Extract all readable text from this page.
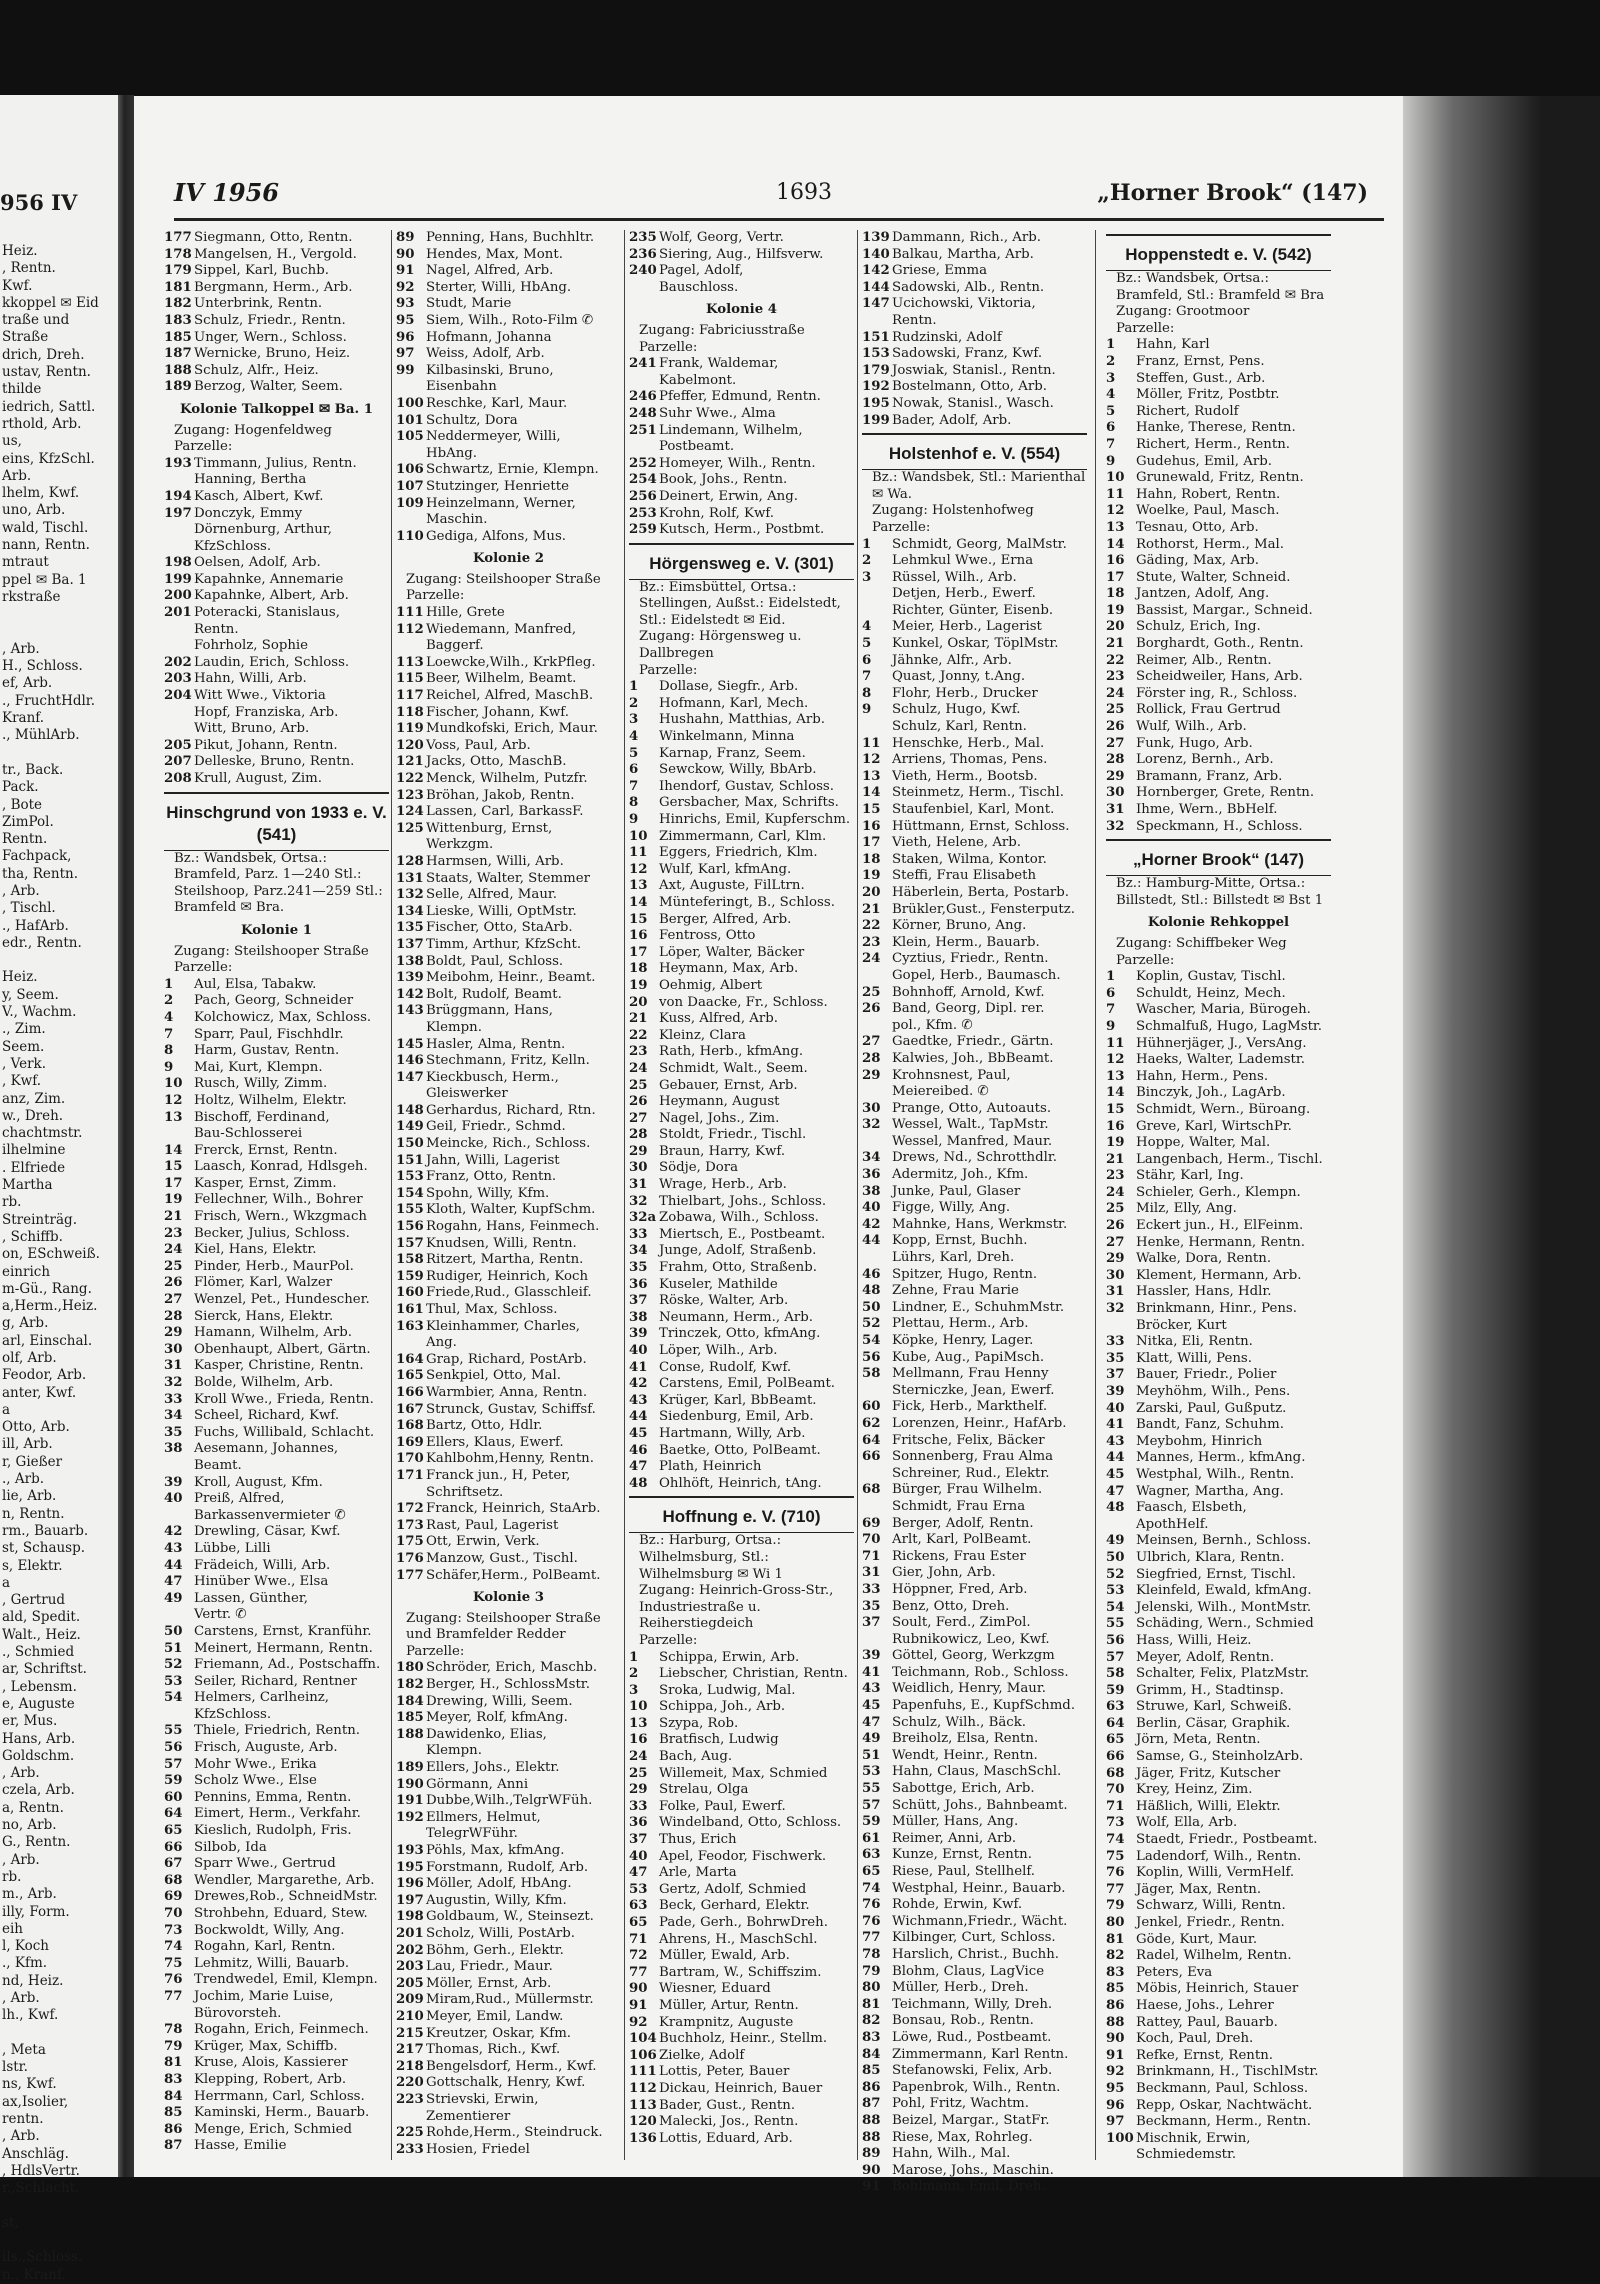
956 IV
Heiz.
, Rentn.
Kwf.
kkoppel ✉ Eid
traße und
Straße
drich, Dreh.
ustav, Rentn.
thilde
iedrich, Sattl.
rthold, Arb.
us,
eins, KfzSchl.
Arb.
lhelm, Kwf.
uno, Arb.
wald, Tischl.
nann, Rentn.
mtraut
ppel ✉ Ba. 1
rkstraße

, Arb.
H., Schloss.
ef, Arb.
., FruchtHdlr.
Kranf.
., MühlArb.

tr., Back.
Pack.
, Bote
ZimPol.
Rentn.
Fachpack,
tha, Rentn.
, Arb.
, Tischl.
., HafArb.
edr., Rentn.

Heiz.
y, Seem.
V., Wachm.
., Zim.
Seem.
, Verk.
, Kwf.
anz, Zim.
w., Dreh.
chachtmstr.
ilhelmine
. Elfriede
Martha
rb.
Streinträg.
, Schiffb.
on, ESchweiß.
einrich
m-Gü., Rang.
a,Herm.,Heiz.
g, Arb.
arl, Einschal.
olf, Arb.
Feodor, Arb.
anter, Kwf.
a
Otto, Arb.
ill, Arb.
r, Gießer
., Arb.
lie, Arb.
n, Rentn.
rm., Bauarb.
st, Schausp.
s, Elektr.
a
, Gertrud
ald, Spedit.
Walt., Heiz.
., Schmied
ar, Schriftst.
, Lebensm.
e, Auguste
er, Mus.
Hans, Arb.
Goldschm.
, Arb.
czela, Arb.
a, Rentn.
no, Arb.
G., Rentn.
, Arb.
rb.
m., Arb.
illy, Form.
eih
l, Koch
., Kfm.
nd, Heiz.
, Arb.
lh., Kwf.

, Meta
lstr.
ns, Kwf.
ax,Isolier,
rentn.
, Arb.
Anschläg.
, HdlsVertr.
r.,Schlacht.

st,

ils.,Schloss.
n., Kranf.
IV 1956	1693	„Horner Brook“ (147)
177 Siegmann, Otto, Rentn.
178 Mangelsen, H., Vergold.
179 Sippel, Karl, Buchb.
181 Bergmann, Herm., Arb.
182 Unterbrink, Rentn.
183 Schulz, Friedr., Rentn.
185 Unger, Wern., Schloss.
187 Wernicke, Bruno, Heiz.
188 Schulz, Alfr., Heiz.
189 Berzog, Walter, Seem.
Kolonie Talkoppel ✉ Ba. 1
Zugang: Hogenfeldweg
Parzelle:
193 Timmann, Julius, Rentn.
Hanning, Bertha
194 Kasch, Albert, Kwf.
197 Donczyk, Emmy
Dörnenburg, Arthur,
KfzSchloss.
198 Oelsen, Adolf, Arb.
199 Kapahnke, Annemarie
200 Kapahnke, Albert, Arb.
201 Poteracki, Stanislaus,
Rentn.
Fohrholz, Sophie
202 Laudin, Erich, Schloss.
203 Hahn, Willi, Arb.
204 Witt Wwe., Viktoria
Hopf, Franziska, Arb.
Witt, Bruno, Arb.
205 Pikut, Johann, Rentn.
207 Delleske, Bruno, Rentn.
208 Krull, August, Zim.
Hinschgrund von 1933 e. V. (541)
Bz.: Wandsbek, Ortsa.: Bramfeld, Parz. 1—240 Stl.: Steilshoop, Parz.241—259 Stl.: Bramfeld ✉ Bra.
Kolonie 1
Zugang: Steilshooper Straße
Parzelle:
1 Aul, Elsa, Tabakw.
2 Pach, Georg, Schneider
4 Kolchowicz, Max, Schloss.
7 Sparr, Paul, Fischhdlr.
8 Harm, Gustav, Rentn.
9 Mai, Kurt, Klempn.
10 Rusch, Willy, Zimm.
12 Holtz, Wilhelm, Elektr.
13 Bischoff, Ferdinand,
Bau-Schlosserei
14 Frerck, Ernst, Rentn.
15 Laasch, Konrad, Hdlsgeh.
17 Kasper, Ernst, Zimm.
19 Fellechner, Wilh., Bohrer
21 Frisch, Wern., Wkzgmach
23 Becker, Julius, Schloss.
24 Kiel, Hans, Elektr.
25 Pinder, Herb., MaurPol.
26 Flömer, Karl, Walzer
27 Wenzel, Pet., Hundescher.
28 Sierck, Hans, Elektr.
29 Hamann, Wilhelm, Arb.
30 Obenhaupt, Albert, Gärtn.
31 Kasper, Christine, Rentn.
32 Bolde, Wilhelm, Arb.
33 Kroll Wwe., Frieda, Rentn.
34 Scheel, Richard, Kwf.
35 Fuchs, Willibald, Schlacht.
38 Aesemann, Johannes,
Beamt.
39 Kroll, August, Kfm.
40 Preiß, Alfred,
Barkassenvermieter ✆
42 Drewling, Cäsar, Kwf.
43 Lübbe, Lilli
44 Frädeich, Willi, Arb.
47 Hinüber Wwe., Elsa
49 Lassen, Günther,
Vertr. ✆
50 Carstens, Ernst, Kranführ.
51 Meinert, Hermann, Rentn.
52 Friemann, Ad., Postschaffn.
53 Seiler, Richard, Rentner
54 Helmers, Carlheinz,
KfzSchloss.
55 Thiele, Friedrich, Rentn.
56 Frisch, Auguste, Arb.
57 Mohr Wwe., Erika
59 Scholz Wwe., Else
60 Pennins, Emma, Rentn.
64 Eimert, Herm., Verkfahr.
65 Kieslich, Rudolph, Fris.
66 Silbob, Ida
67 Sparr Wwe., Gertrud
68 Wendler, Margarethe, Arb.
69 Drewes,Rob., SchneidMstr.
70 Strohbehn, Eduard, Stew.
73 Bockwoldt, Willy, Ang.
74 Rogahn, Karl, Rentn.
75 Lehmitz, Willi, Bauarb.
76 Trendwedel, Emil, Klempn.
77 Jochim, Marie Luise,
Bürovorsteh.
78 Rogahn, Erich, Feinmech.
79 Krüger, Max, Schiffb.
81 Kruse, Alois, Kassierer
83 Klepping, Robert, Arb.
84 Herrmann, Carl, Schloss.
85 Kaminski, Herm., Bauarb.
86 Menge, Erich, Schmied
87 Hasse, Emilie
89 Penning, Hans, Buchhltr.
90 Hendes, Max, Mont.
91 Nagel, Alfred, Arb.
92 Sterter, Willi, HbAng.
93 Studt, Marie
95 Siem, Wilh., Roto-Film ✆
96 Hofmann, Johanna
97 Weiss, Adolf, Arb.
99 Kilbasinski, Bruno,
Eisenbahn
100 Reschke, Karl, Maur.
101 Schultz, Dora
105 Neddermeyer, Willi,
HbAng.
106 Schwartz, Ernie, Klempn.
107 Stutzinger, Henriette
109 Heinzelmann, Werner,
Maschin.
110 Gediga, Alfons, Mus.
Kolonie 2
Zugang: Steilshooper Straße
Parzelle:
111 Hille, Grete
112 Wiedemann, Manfred,
Baggerf.
113 Loewcke,Wilh., KrkPfleg.
115 Beer, Wilhelm, Beamt.
117 Reichel, Alfred, MaschB.
118 Fischer, Johann, Kwf.
119 Mundkofski, Erich, Maur.
120 Voss, Paul, Arb.
121 Jacks, Otto, MaschB.
122 Menck, Wilhelm, Putzfr.
123 Bröhan, Jakob, Rentn.
124 Lassen, Carl, BarkassF.
125 Wittenburg, Ernst,
Werkzgm.
128 Harmsen, Willi, Arb.
131 Staats, Walter, Stemmer
132 Selle, Alfred, Maur.
134 Lieske, Willi, OptMstr.
135 Fischer, Otto, StaArb.
137 Timm, Arthur, KfzScht.
138 Boldt, Paul, Schloss.
139 Meibohm, Heinr., Beamt.
142 Bolt, Rudolf, Beamt.
143 Brüggmann, Hans,
Klempn.
145 Hasler, Alma, Rentn.
146 Stechmann, Fritz, Kelln.
147 Kieckbusch, Herm.,
Gleiswerker
148 Gerhardus, Richard, Rtn.
149 Geil, Friedr., Schmd.
150 Meincke, Rich., Schloss.
151 Jahn, Willi, Lagerist
153 Franz, Otto, Rentn.
154 Spohn, Willy, Kfm.
155 Kloth, Walter, KupfSchm.
156 Rogahn, Hans, Feinmech.
157 Knudsen, Willi, Rentn.
158 Ritzert, Martha, Rentn.
159 Rudiger, Heinrich, Koch
160 Friede,Rud., Glasschleif.
161 Thul, Max, Schloss.
163 Kleinhammer, Charles,
Ang.
164 Grap, Richard, PostArb.
165 Senkpiel, Otto, Mal.
166 Warmbier, Anna, Rentn.
167 Strunck, Gustav, Schiffsf.
168 Bartz, Otto, Hdlr.
169 Ellers, Klaus, Ewerf.
170 Kahlbohm,Henny, Rentn.
171 Franck jun., H, Peter,
Schriftsetz.
172 Franck, Heinrich, StaArb.
173 Rast, Paul, Lagerist
175 Ott, Erwin, Verk.
176 Manzow, Gust., Tischl.
177 Schäfer,Herm., PolBeamt.
Kolonie 3
Zugang: Steilshooper Straße und Bramfelder Redder
Parzelle:
180 Schröder, Erich, Maschb.
182 Berger, H., SchlossMstr.
184 Drewing, Willi, Seem.
185 Meyer, Rolf, kfmAng.
188 Dawidenko, Elias,
Klempn.
189 Ellers, Johs., Elektr.
190 Görmann, Anni
191 Dubbe,Wilh.,TelgrWFüh.
192 Ellmers, Helmut,
TelegrWFühr.
193 Pöhls, Max, kfmAng.
195 Forstmann, Rudolf, Arb.
196 Möller, Adolf, HbAng.
197 Augustin, Willy, Kfm.
198 Goldbaum, W., Steinsezt.
201 Scholz, Willi, PostArb.
202 Böhm, Gerh., Elektr.
203 Lau, Friedr., Maur.
205 Möller, Ernst, Arb.
209 Miram,Rud., Müllermstr.
210 Meyer, Emil, Landw.
215 Kreutzer, Oskar, Kfm.
217 Thomas, Rich., Kwf.
218 Bengelsdorf, Herm., Kwf.
220 Gottschalk, Henry, Kwf.
223 Strievski, Erwin,
Zementierer
225 Rohde,Herm., Steindruck.
233 Hosien, Friedel
235 Wolf, Georg, Vertr.
236 Siering, Aug., Hilfsverw.
240 Pagel, Adolf,
Bauschloss.
Kolonie 4
Zugang: Fabriciusstraße
Parzelle:
241 Frank, Waldemar,
Kabelmont.
246 Pfeffer, Edmund, Rentn.
248 Suhr Wwe., Alma
251 Lindemann, Wilhelm,
Postbeamt.
252 Homeyer, Wilh., Rentn.
254 Book, Johs., Rentn.
256 Deinert, Erwin, Ang.
253 Krohn, Rolf, Kwf.
259 Kutsch, Herm., Postbmt.
Hörgensweg e. V. (301)
Bz.: Eimsbüttel, Ortsa.: Stellingen, Außst.: Eidelstedt, Stl.: Eidelstedt ✉ Eid.
Zugang: Hörgensweg u. Dallbregen
Parzelle:
1 Dollase, Siegfr., Arb.
2 Hofmann, Karl, Mech.
3 Hushahn, Matthias, Arb.
4 Winkelmann, Minna
5 Karnap, Franz, Seem.
6 Sewckow, Willy, BbArb.
7 Ihendorf, Gustav, Schloss.
8 Gersbacher, Max, Schrifts.
9 Hinrichs, Emil, Kupferschm.
10 Zimmermann, Carl, Klm.
11 Eggers, Friedrich, Klm.
12 Wulf, Karl, kfmAng.
13 Axt, Auguste, FilLtrn.
14 Münteferingt, B., Schloss.
15 Berger, Alfred, Arb.
16 Fentross, Otto
17 Löper, Walter, Bäcker
18 Heymann, Max, Arb.
19 Oehmig, Albert
20 von Daacke, Fr., Schloss.
21 Kuss, Alfred, Arb.
22 Kleinz, Clara
23 Rath, Herb., kfmAng.
24 Schmidt, Walt., Seem.
25 Gebauer, Ernst, Arb.
26 Heymann, August
27 Nagel, Johs., Zim.
28 Stoldt, Friedr., Tischl.
29 Braun, Harry, Kwf.
30 Södje, Dora
31 Wrage, Herb., Arb.
32 Thielbart, Johs., Schloss.
32a Zobawa, Wilh., Schloss.
33 Miertsch, E., Postbeamt.
34 Junge, Adolf, Straßenb.
35 Frahm, Otto, Straßenb.
36 Kuseler, Mathilde
37 Röske, Walter, Arb.
38 Neumann, Herm., Arb.
39 Trinczek, Otto, kfmAng.
40 Löper, Wilh., Arb.
41 Conse, Rudolf, Kwf.
42 Carstens, Emil, PolBeamt.
43 Krüger, Karl, BbBeamt.
44 Siedenburg, Emil, Arb.
45 Hartmann, Willy, Arb.
46 Baetke, Otto, PolBeamt.
47 Plath, Heinrich
48 Ohlhöft, Heinrich, tAng.
Hoffnung e. V. (710)
Bz.: Harburg, Ortsa.: Wilhelmsburg, Stl.: Wilhelmsburg ✉ Wi 1
Zugang: Heinrich-Gross-Str., Industriestraße u. Reiherstiegdeich
Parzelle:
1 Schippa, Erwin, Arb.
2 Liebscher, Christian, Rentn.
3 Sroka, Ludwig, Mal.
10 Schippa, Joh., Arb.
13 Szypa, Rob.
16 Bratfisch, Ludwig
24 Bach, Aug.
25 Willemeit, Max, Schmied
29 Strelau, Olga
33 Folke, Paul, Ewerf.
36 Windelband, Otto, Schloss.
37 Thus, Erich
40 Apel, Feodor, Fischwerk.
47 Arle, Marta
53 Gertz, Adolf, Schmied
63 Beck, Gerhard, Elektr.
65 Pade, Gerh., BohrwDreh.
71 Ahrens, H., MaschSchl.
72 Müller, Ewald, Arb.
77 Bartram, W., Schiffszim.
90 Wiesner, Eduard
91 Müller, Artur, Rentn.
92 Krampnitz, Auguste
104 Buchholz, Heinr., Stellm.
106 Zielke, Adolf
111 Lottis, Peter, Bauer
112 Dickau, Heinrich, Bauer
113 Bader, Gust., Rentn.
120 Malecki, Jos., Rentn.
136 Lottis, Eduard, Arb.
139 Dammann, Rich., Arb.
140 Balkau, Martha, Arb.
142 Griese, Emma
144 Sadowski, Alb., Rentn.
147 Ucichowski, Viktoria,
Rentn.
151 Rudzinski, Adolf
153 Sadowski, Franz, Kwf.
179 Joswiak, Stanisl., Rentn.
192 Bostelmann, Otto, Arb.
195 Nowak, Stanisl., Wasch.
199 Bader, Adolf, Arb.
Holstenhof e. V. (554)
Bz.: Wandsbek, Stl.: Marienthal ✉ Wa.
Zugang: Holstenhofweg
Parzelle:
1 Schmidt, Georg, MalMstr.
2 Lehmkul Wwe., Erna
3 Rüssel, Wilh., Arb.
Detjen, Herb., Ewerf.
Richter, Günter, Eisenb.
4 Meier, Herb., Lagerist
5 Kunkel, Oskar, TöplMstr.
6 Jähnke, Alfr., Arb.
7 Quast, Jonny, t.Ang.
8 Flohr, Herb., Drucker
9 Schulz, Hugo, Kwf.
Schulz, Karl, Rentn.
11 Henschke, Herb., Mal.
12 Arriens, Thomas, Pens.
13 Vieth, Herm., Bootsb.
14 Steinmetz, Herm., Tischl.
15 Staufenbiel, Karl, Mont.
16 Hüttmann, Ernst, Schloss.
17 Vieth, Helene, Arb.
18 Staken, Wilma, Kontor.
19 Steffi, Frau Elisabeth
20 Häberlein, Berta, Postarb.
21 Brükler,Gust., Fensterputz.
22 Körner, Bruno, Ang.
23 Klein, Herm., Bauarb.
24 Cyztius, Friedr., Rentn.
Gopel, Herb., Baumasch.
25 Bohnhoff, Arnold, Kwf.
26 Band, Georg, Dipl. rer.
pol., Kfm. ✆
27 Gaedtke, Friedr., Gärtn.
28 Kalwies, Joh., BbBeamt.
29 Krohnsnest, Paul,
Meiereibed. ✆
30 Prange, Otto, Autoauts.
32 Wessel, Walt., TapMstr.
Wessel, Manfred, Maur.
34 Drews, Nd., Schrotthdlr.
36 Adermitz, Joh., Kfm.
38 Junke, Paul, Glaser
40 Figge, Willy, Ang.
42 Mahnke, Hans, Werkmstr.
44 Kopp, Ernst, Buchh.
Lührs, Karl, Dreh.
46 Spitzer, Hugo, Rentn.
48 Zehne, Frau Marie
50 Lindner, E., SchuhmMstr.
52 Plettau, Herm., Arb.
54 Köpke, Henry, Lager.
56 Kube, Aug., PapiMsch.
58 Mellmann, Frau Henny
Sterniczke, Jean, Ewerf.
60 Fick, Herb., Markthelf.
62 Lorenzen, Heinr., HafArb.
64 Fritsche, Felix, Bäcker
66 Sonnenberg, Frau Alma
Schreiner, Rud., Elektr.
68 Bürger, Frau Wilhelm.
Schmidt, Frau Erna
69 Berger, Adolf, Rentn.
70 Arlt, Karl, PolBeamt.
71 Rickens, Frau Ester
31 Gier, John, Arb.
33 Höppner, Fred, Arb.
35 Benz, Otto, Dreh.
37 Soult, Ferd., ZimPol.
Rubnikowicz, Leo, Kwf.
39 Göttel, Georg, Werkzgm
41 Teichmann, Rob., Schloss.
43 Weidlich, Henry, Maur.
45 Papenfuhs, E., KupfSchmd.
47 Schulz, Wilh., Bäck.
49 Breiholz, Elsa, Rentn.
51 Wendt, Heinr., Rentn.
53 Hahn, Claus, MaschSchl.
55 Sabottge, Erich, Arb.
57 Schütt, Johs., Bahnbeamt.
59 Müller, Hans, Ang.
61 Reimer, Anni, Arb.
63 Kunze, Ernst, Rentn.
65 Riese, Paul, Stellhelf.
74 Westphal, Heinr., Bauarb.
76 Rohde, Erwin, Kwf.
76 Wichmann,Friedr., Wächt.
77 Kilbinger, Curt, Schloss.
78 Harslich, Christ., Buchh.
79 Blohm, Claus, LagVice
80 Müller, Herb., Dreh.
81 Teichmann, Willy, Dreh.
82 Bonsau, Rob., Rentn.
83 Löwe, Rud., Postbeamt.
84 Zimmermann, Karl Rentn.
85 Stefanowski, Felix, Arb.
86 Papenbrok, Wilh., Rentn.
87 Pohl, Fritz, Wachtm.
88 Beizel, Margar., StatFr.
88 Riese, Max, Rohrleg.
89 Hahn, Wilh., Mal.
90 Marose, Johs., Maschin.
91 Bohlmann, Emil, Dreh.
Hoppenstedt e. V. (542)
Bz.: Wandsbek, Ortsa.: Bramfeld, Stl.: Bramfeld ✉ Bra
Zugang: Grootmoor
Parzelle:
1 Hahn, Karl
2 Franz, Ernst, Pens.
3 Steffen, Gust., Arb.
4 Möller, Fritz, Postbtr.
5 Richert, Rudolf
6 Hanke, Therese, Rentn.
7 Richert, Herm., Rentn.
9 Gudehus, Emil, Arb.
10 Grunewald, Fritz, Rentn.
11 Hahn, Robert, Rentn.
12 Woelke, Paul, Masch.
13 Tesnau, Otto, Arb.
14 Rothorst, Herm., Mal.
16 Gäding, Max, Arb.
17 Stute, Walter, Schneid.
18 Jantzen, Adolf, Ang.
19 Bassist, Margar., Schneid.
20 Schulz, Erich, Ing.
21 Borghardt, Goth., Rentn.
22 Reimer, Alb., Rentn.
23 Scheidweiler, Hans, Arb.
24 Förster ing, R., Schloss.
25 Rollick, Frau Gertrud
26 Wulf, Wilh., Arb.
27 Funk, Hugo, Arb.
28 Lorenz, Bernh., Arb.
29 Bramann, Franz, Arb.
30 Hornberger, Grete, Rentn.
31 Ihme, Wern., BbHelf.
32 Speckmann, H., Schloss.
„Horner Brook“ (147)
Bz.: Hamburg-Mitte, Ortsa.: Billstedt, Stl.: Billstedt ✉ Bst 1
Kolonie Rehkoppel
Zugang: Schiffbeker Weg
Parzelle:
1 Koplin, Gustav, Tischl.
6 Schuldt, Heinz, Mech.
7 Wascher, Maria, Bürogeh.
9 Schmalfuß, Hugo, LagMstr.
11 Hühnerjäger, J., VersAng.
12 Haeks, Walter, Lademstr.
13 Hahn, Herm., Pens.
14 Binczyk, Joh., LagArb.
15 Schmidt, Wern., Büroang.
16 Greve, Karl, WirtschPr.
19 Hoppe, Walter, Mal.
21 Langenbach, Herm., Tischl.
23 Stähr, Karl, Ing.
24 Schieler, Gerh., Klempn.
25 Milz, Elly, Ang.
26 Eckert jun., H., ElFeinm.
27 Henke, Hermann, Rentn.
29 Walke, Dora, Rentn.
30 Klement, Hermann, Arb.
31 Hassler, Hans, Hdlr.
32 Brinkmann, Hinr., Pens.
Bröcker, Kurt
33 Nitka, Eli, Rentn.
35 Klatt, Willi, Pens.
37 Bauer, Friedr., Polier
39 Meyhöhm, Wilh., Pens.
40 Zarski, Paul, Gußputz.
41 Bandt, Fanz, Schuhm.
43 Meybohm, Hinrich
44 Mannes, Herm., kfmAng.
45 Westphal, Wilh., Rentn.
47 Wagner, Martha, Ang.
48 Faasch, Elsbeth,
ApothHelf.
49 Meinsen, Bernh., Schloss.
50 Ulbrich, Klara, Rentn.
52 Siegfried, Ernst, Tischl.
53 Kleinfeld, Ewald, kfmAng.
54 Jelenski, Wilh., MontMstr.
55 Schäding, Wern., Schmied
56 Hass, Willi, Heiz.
57 Meyer, Adolf, Rentn.
58 Schalter, Felix, PlatzMstr.
59 Grimm, H., Stadtinsp.
63 Struwe, Karl, Schweiß.
64 Berlin, Cäsar, Graphik.
65 Jörn, Meta, Rentn.
66 Samse, G., SteinholzArb.
68 Jäger, Fritz, Kutscher
70 Krey, Heinz, Zim.
71 Häßlich, Willi, Elektr.
73 Wolf, Ella, Arb.
74 Staedt, Friedr., Postbeamt.
75 Ladendorf, Wilh., Rentn.
76 Koplin, Willi, VermHelf.
77 Jäger, Max, Rentn.
79 Schwarz, Willi, Rentn.
80 Jenkel, Friedr., Rentn.
81 Göde, Kurt, Maur.
82 Radel, Wilhelm, Rentn.
83 Peters, Eva
85 Möbis, Heinrich, Stauer
86 Haese, Johs., Lehrer
88 Rattey, Paul, Bauarb.
90 Koch, Paul, Dreh.
91 Refke, Ernst, Rentn.
92 Brinkmann, H., TischlMstr.
95 Beckmann, Paul, Schloss.
96 Repp, Oskar, Nachtwächt.
97 Beckmann, Herm., Rentn.
100 Mischnik, Erwin,
Schmiedemstr.
